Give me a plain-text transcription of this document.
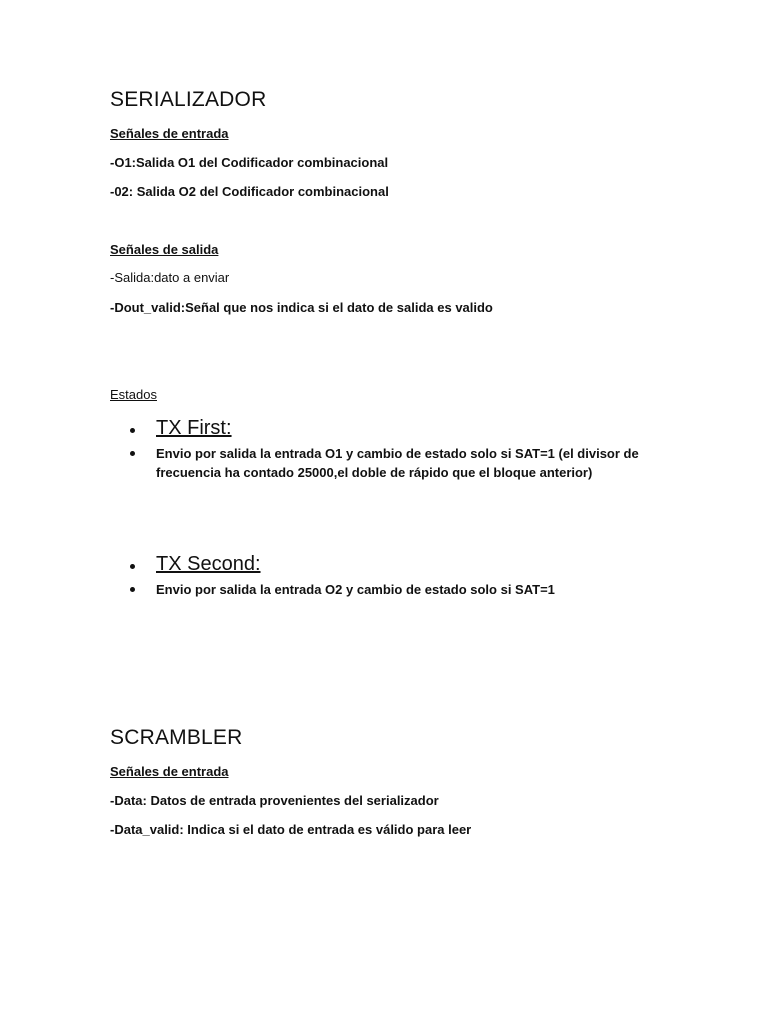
SERIALIZADOR
Señales de entrada
-O1:Salida O1 del Codificador combinacional
-02: Salida O2 del Codificador combinacional
Señales de salida
-Salida:dato a enviar
-Dout_valid:Señal que nos indica si el dato de salida es valido
Estados
TX First:
Envio por salida la entrada O1 y cambio de estado solo si SAT=1 (el divisor de frecuencia ha contado 25000,el doble de rápido que el bloque anterior)
TX Second:
Envio por salida la entrada O2 y cambio de estado solo si SAT=1
SCRAMBLER
Señales de entrada
-Data: Datos de entrada provenientes del serializador
-Data_valid: Indica si el dato de entrada es válido para leer
